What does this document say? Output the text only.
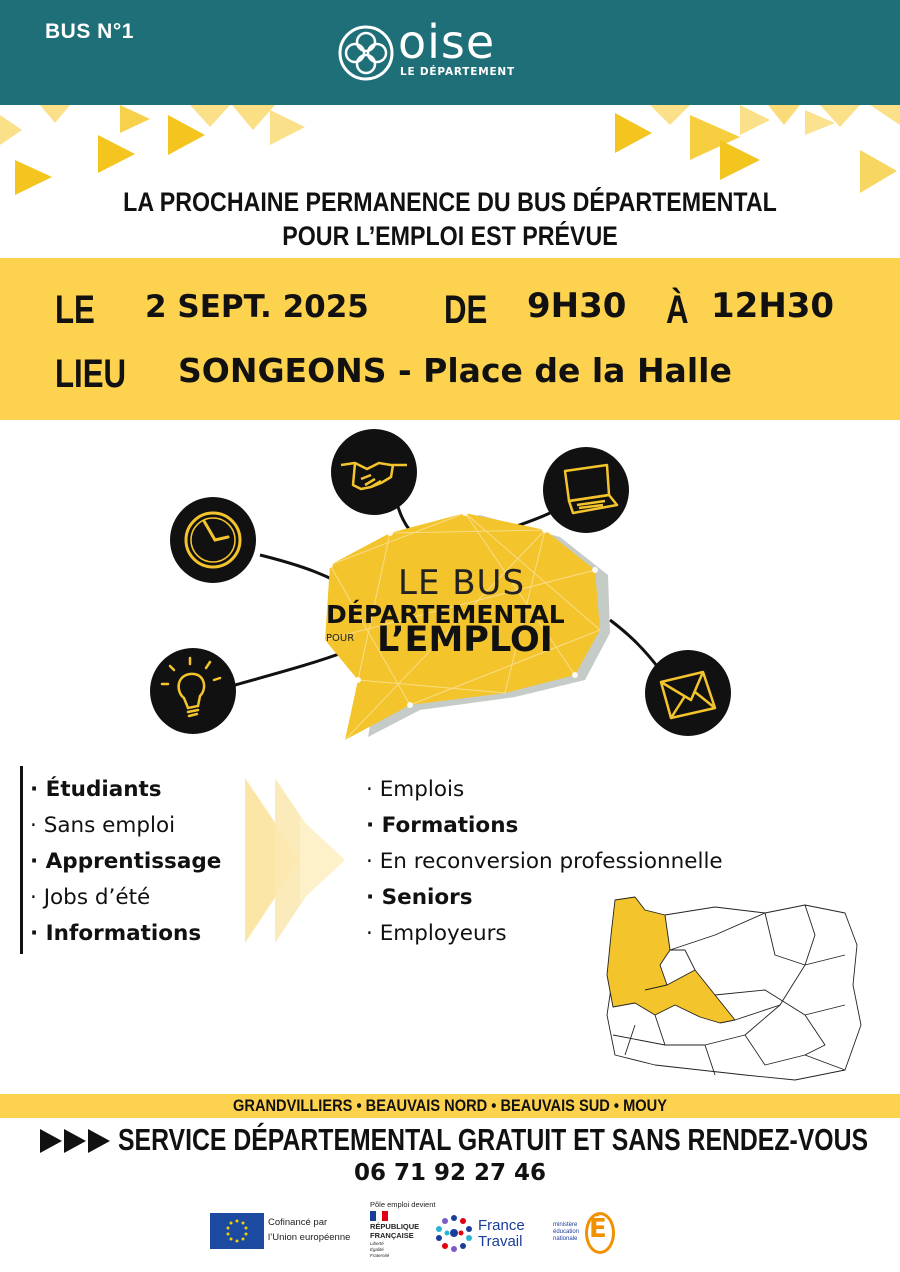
BUS N°1	oise
LE DÉPARTEMENT
LA PROCHAINE PERMANENCE DU BUS DÉPARTEMENTAL
POUR L’EMPLOI EST PRÉVUE
LE 2 SEPT. 2025 DE 9H30 À 12H30
LIEU SONGEONS - Place de la Halle
LE BUS
DÉPARTEMENTAL
POUR L’EMPLOI
· Étudiants
· Sans emploi
· Apprentissage
· Jobs d’été
· Informations
· Emplois
· Formations
· En reconversion professionnelle
· Seniors
· Employeurs
GRANDVILLIERS • BEAUVAIS NORD • BEAUVAIS SUD • MOUY
SERVICE DÉPARTEMENTAL GRATUIT ET SANS RENDEZ-VOUS
06 71 92 27 46
Cofinancé par
l’Union européenne
Pôle emploi devient
RÉPUBLIQUE
FRANÇAISE
Liberté
Égalité
Fraternité
France
Travail
ministère
éducation
nationale É
